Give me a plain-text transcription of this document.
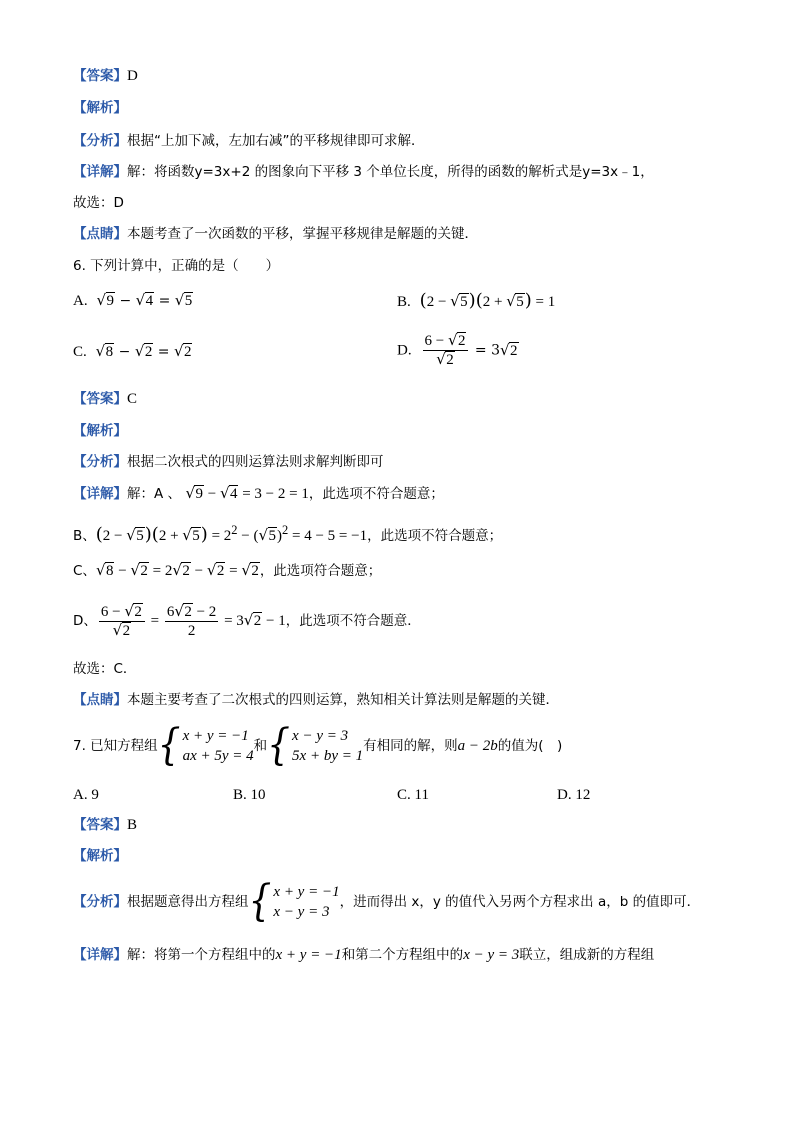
【答案】D
【解析】
【分析】根据“上加下减，左加右减”的平移规律即可求解．
【详解】解：将函数y=3x+2 的图象向下平移 3 个单位长度，所得的函数的解析式是y=3x﹣1，
故选：D
【点睛】本题考查了一次函数的平移，掌握平移规律是解题的关键．
6. 下列计算中，正确的是（　　）
A.  √ 9 − √ 4 = √ 5	B. (2 − √ 5)(2 + √ 5) = 1
C.  √ 8 − √ 2 = √ 2	D. 6 − √ 2
√ 2 = 3√ 2
【答案】C
【解析】
【分析】根据二次根式的四则运算法则求解判断即可
【详解】解：A 、 √ 9 − √ 4 = 3 − 2 = 1，此选项不符合题意；
B、(2 − √ 5)(2 + √ $5) = 2^2$ − (√ 5)$^2$ = 4 − 5 = −1，此选项不符合题意；
C、√ 8 − √ 2 = 2√ 2 − √ 2 = √ 2，此选项符合题意；
D、 6 − √ 2
√ $2 = \frac{6√ 2 - 2}{2} = 3√$ 2 − 1，此选项不符合题意．
故选：C．
【点睛】本题主要考查了二次根式的四则运算，熟知相关计算法则是解题的关键．
7. 已知方程组 { x + y = −1
ax + 5y = 4
和 { x − y = 3
5x + by = 1
有相同的解，则a − 2b的值为(　)
A. 9	B. 10	C. 11	D. 12
【答案】B
【解析】
【分析】根据题意得出方程组 { x + y = −1
x − y = 3
，进而得出 x，y 的值代入另两个方程求出 a，b 的值即可．
【详解】解：将第一个方程组中的x + y = −1和第二个方程组中的x − y = 3联立，组成新的方程组
